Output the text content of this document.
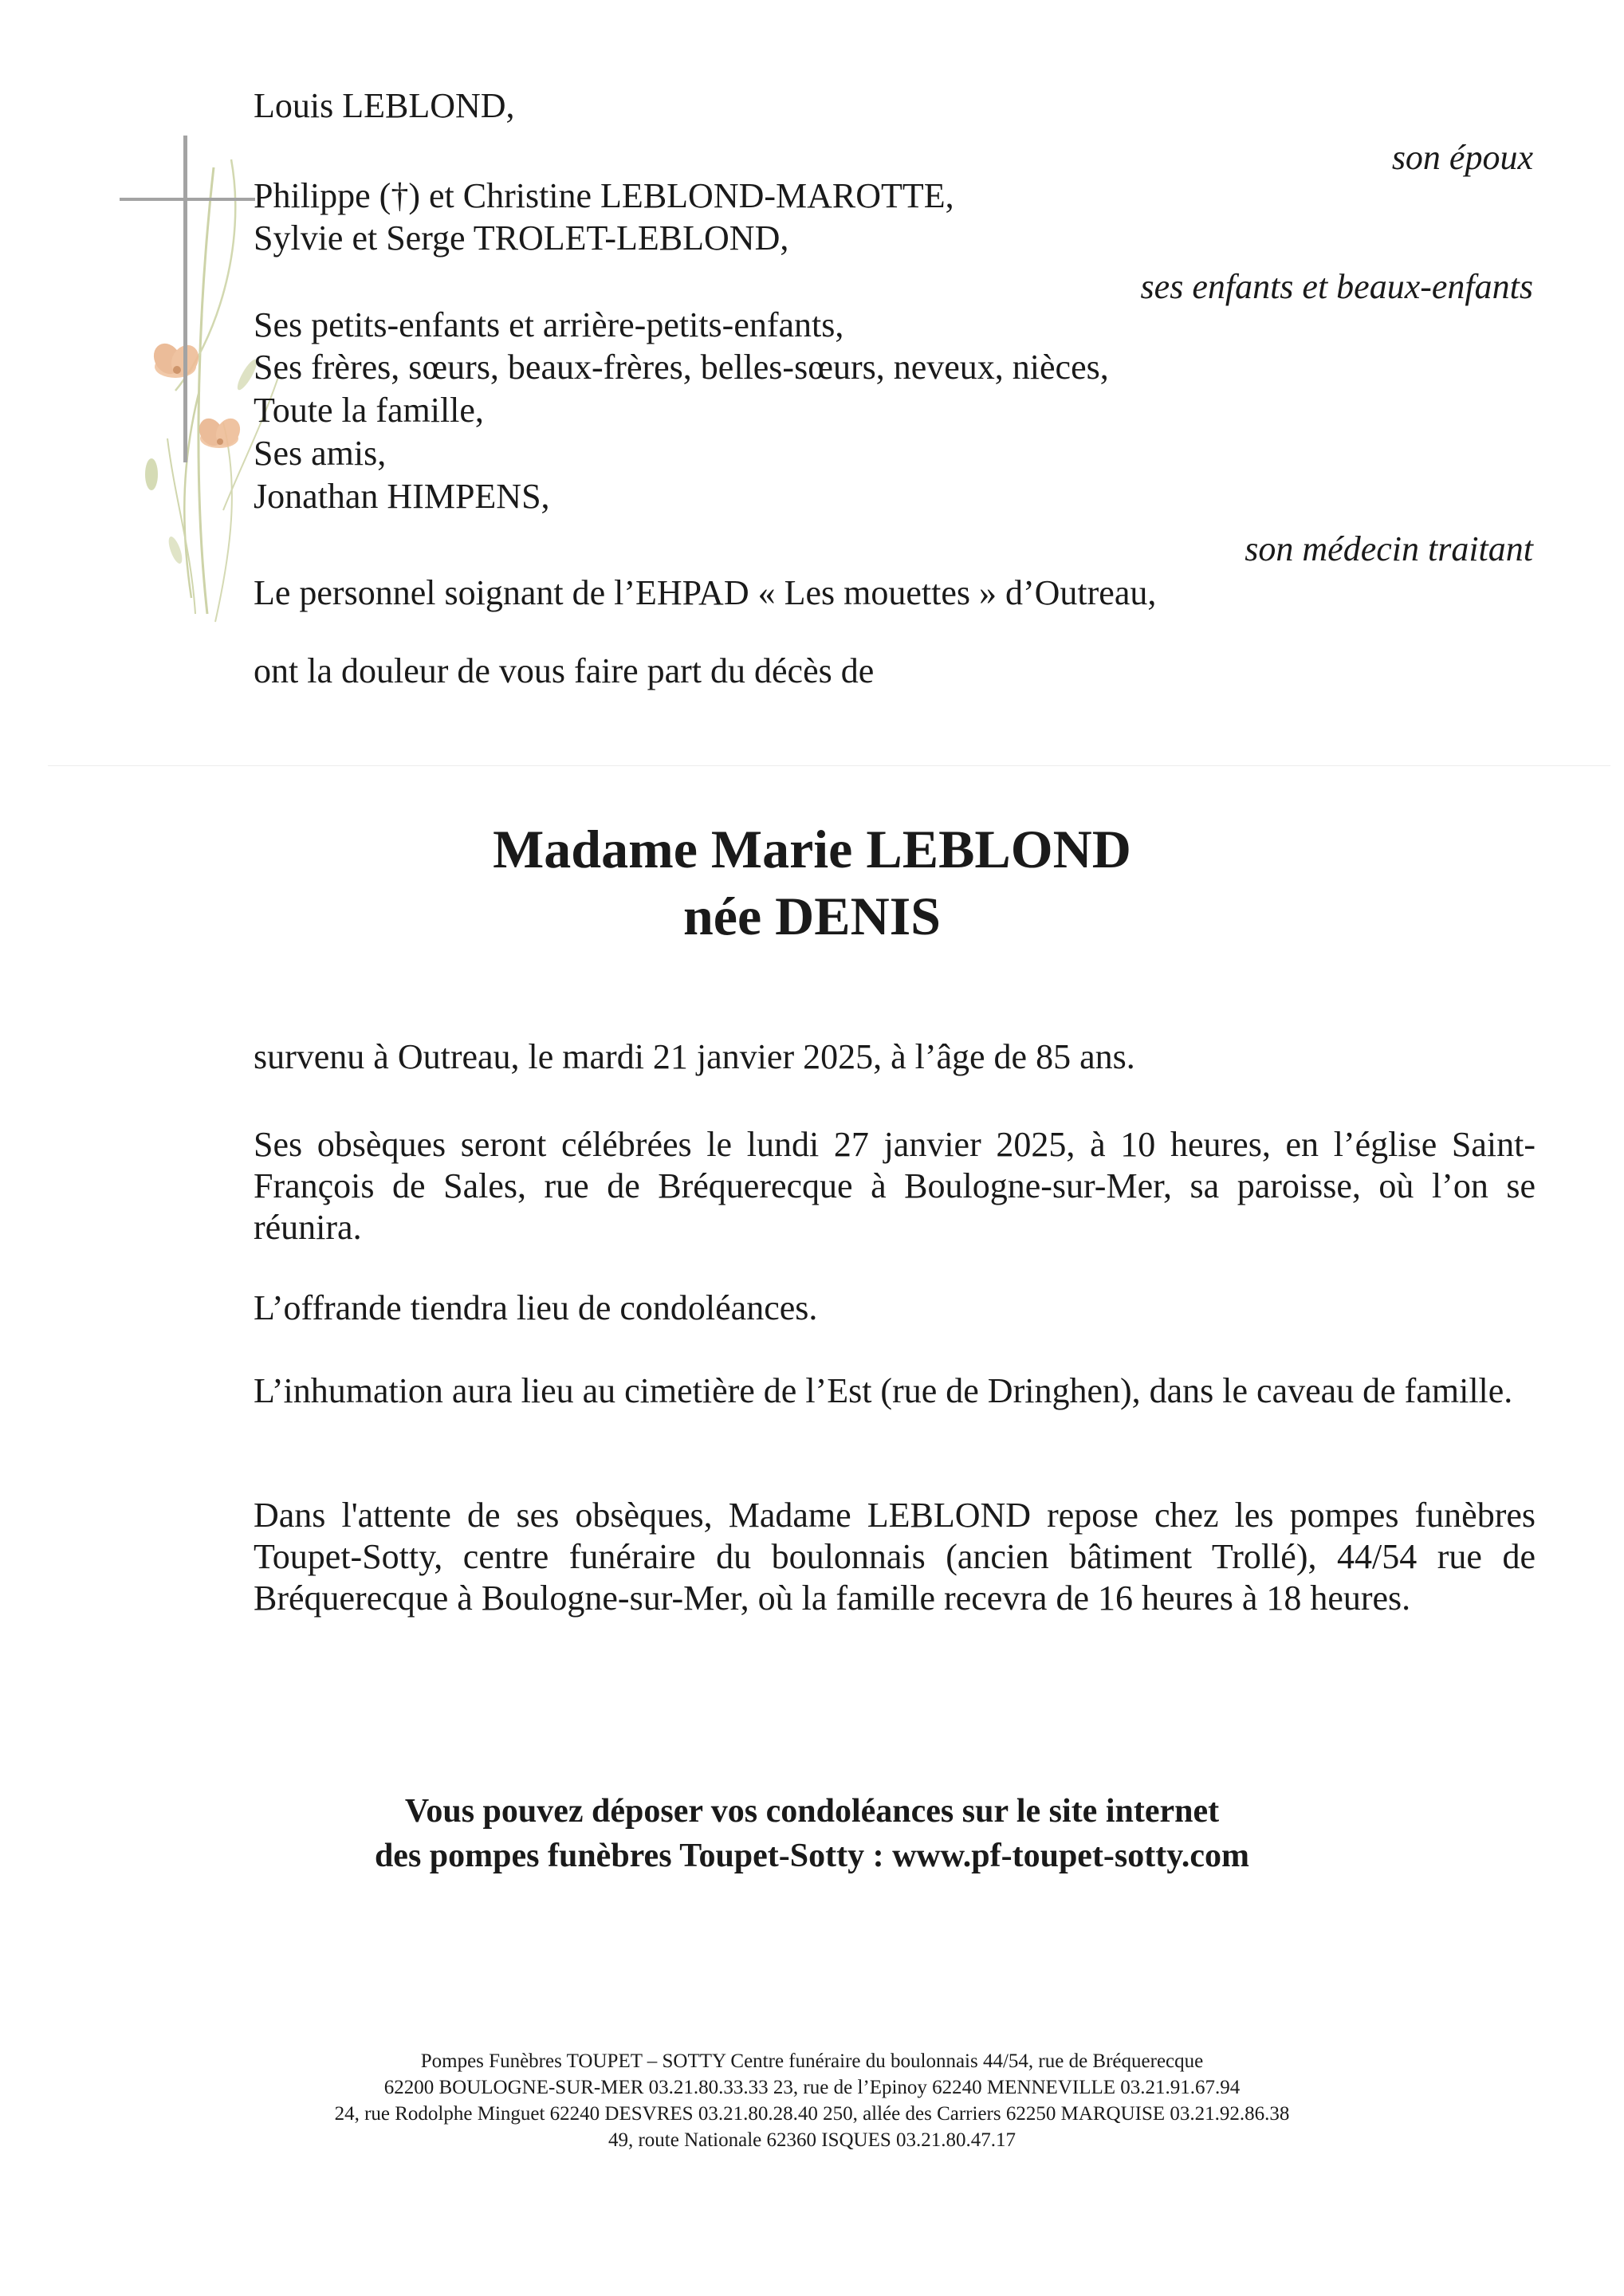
Louis LEBLOND,
son époux
Philippe (†) et Christine LEBLOND-MAROTTE,
Sylvie et Serge TROLET-LEBLOND,
ses enfants et beaux-enfants
Ses petits-enfants et arrière-petits-enfants,
Ses frères, sœurs, beaux-frères, belles-sœurs, neveux, nièces,
Toute la famille,
Ses amis,
Jonathan HIMPENS,
son médecin traitant
Le personnel soignant de l’EHPAD « Les mouettes » d’Outreau,
ont la douleur de vous faire part du décès de
Madame Marie LEBLOND
née DENIS
survenu à Outreau, le mardi 21 janvier 2025, à l’âge de 85 ans.
Ses obsèques seront célébrées le lundi 27 janvier 2025, à 10 heures, en l’église Saint-François de Sales, rue de Bréquerecque à Boulogne-sur-Mer, sa paroisse, où l’on se réunira.
L’offrande tiendra lieu de condoléances.
L’inhumation aura lieu au cimetière de l’Est (rue de Dringhen), dans le caveau de famille.
Dans l'attente de ses obsèques, Madame LEBLOND repose chez les pompes funèbres Toupet-Sotty, centre funéraire du boulonnais (ancien bâtiment Trollé), 44/54 rue de Bréquerecque à Boulogne-sur-Mer, où la famille recevra de 16 heures à 18 heures.
Vous pouvez déposer vos condoléances sur le site internet
des pompes funèbres Toupet-Sotty : www.pf-toupet-sotty.com
Pompes Funèbres TOUPET – SOTTY Centre funéraire du boulonnais 44/54, rue de Bréquerecque
62200 BOULOGNE-SUR-MER 03.21.80.33.33 23, rue de l’Epinoy 62240 MENNEVILLE 03.21.91.67.94
24, rue Rodolphe Minguet 62240 DESVRES 03.21.80.28.40 250, allée des Carriers 62250 MARQUISE 03.21.92.86.38
49, route Nationale 62360 ISQUES 03.21.80.47.17
